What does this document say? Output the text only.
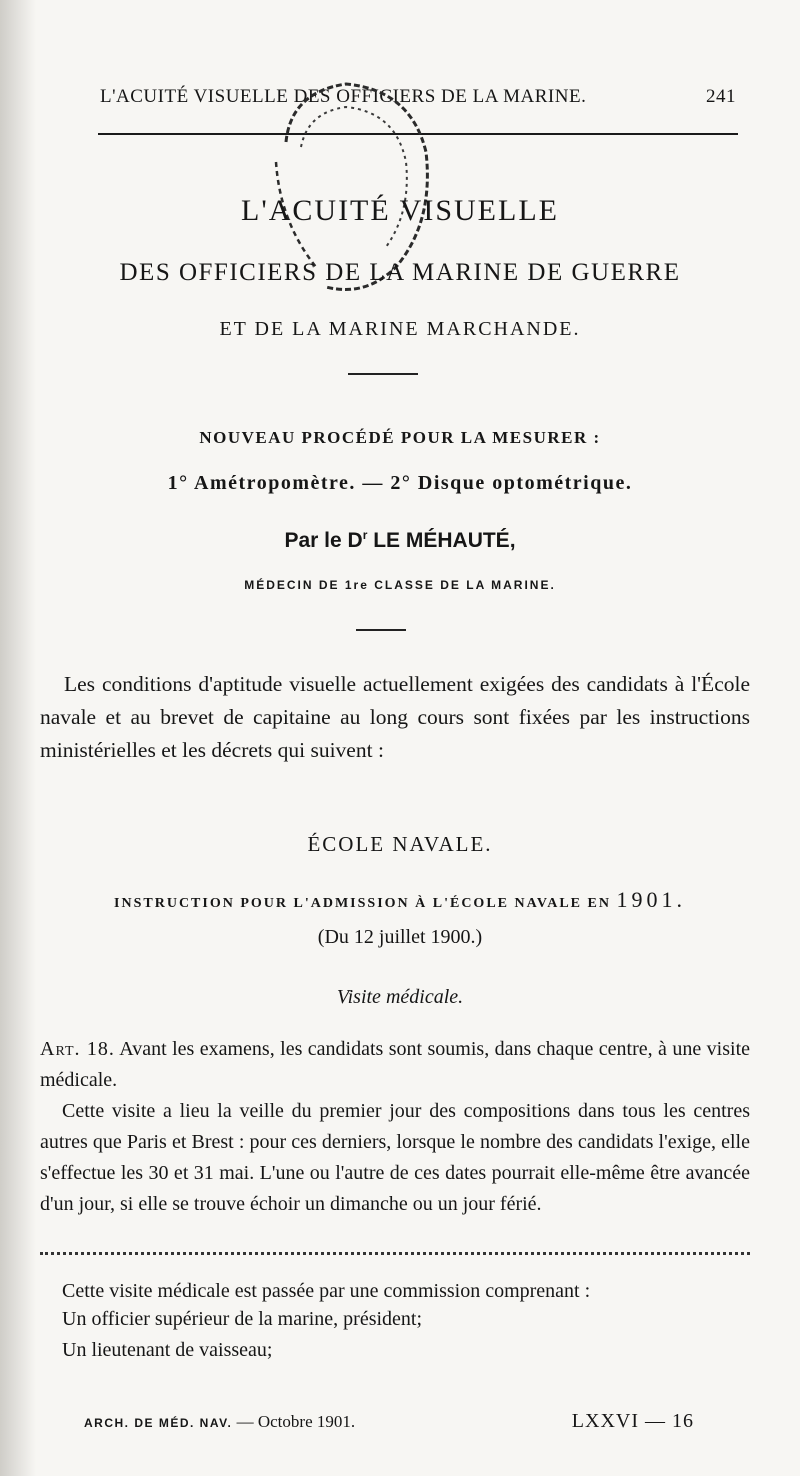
L'ACUITÉ VISUELLE DES OFFICIERS DE LA MARINE.	241
L'ACUITÉ VISUELLE
DES OFFICIERS DE LA MARINE DE GUERRE
ET DE LA MARINE MARCHANDE.
NOUVEAU PROCÉDÉ POUR LA MESURER :
1° Amétropomètre. — 2° Disque optométrique.
Par le $D^r$ LE MÉHAUTÉ,
MÉDECIN DE 1re CLASSE DE LA MARINE.
Les conditions d'aptitude visuelle actuellement exigées des candidats à l'École navale et au brevet de capitaine au long cours sont fixées par les instructions ministérielles et les décrets qui suivent :
ÉCOLE NAVALE.
INSTRUCTION POUR L'ADMISSION À L'ÉCOLE NAVALE EN 1901.
(Du 12 juillet 1900.)
Visite médicale.
Art. 18. Avant les examens, les candidats sont soumis, dans chaque centre, à une visite médicale.
Cette visite a lieu la veille du premier jour des compositions dans tous les centres autres que Paris et Brest : pour ces derniers, lorsque le nombre des candidats l'exige, elle s'effectue les 30 et 31 mai. L'une ou l'autre de ces dates pourrait elle-même être avancée d'un jour, si elle se trouve échoir un dimanche ou un jour férié.
Cette visite médicale est passée par une commission comprenant :
Un officier supérieur de la marine, président;
Un lieutenant de vaisseau;
ARCH. DE MÉD. NAV. — Octobre 1901.	LXXVI — 16
